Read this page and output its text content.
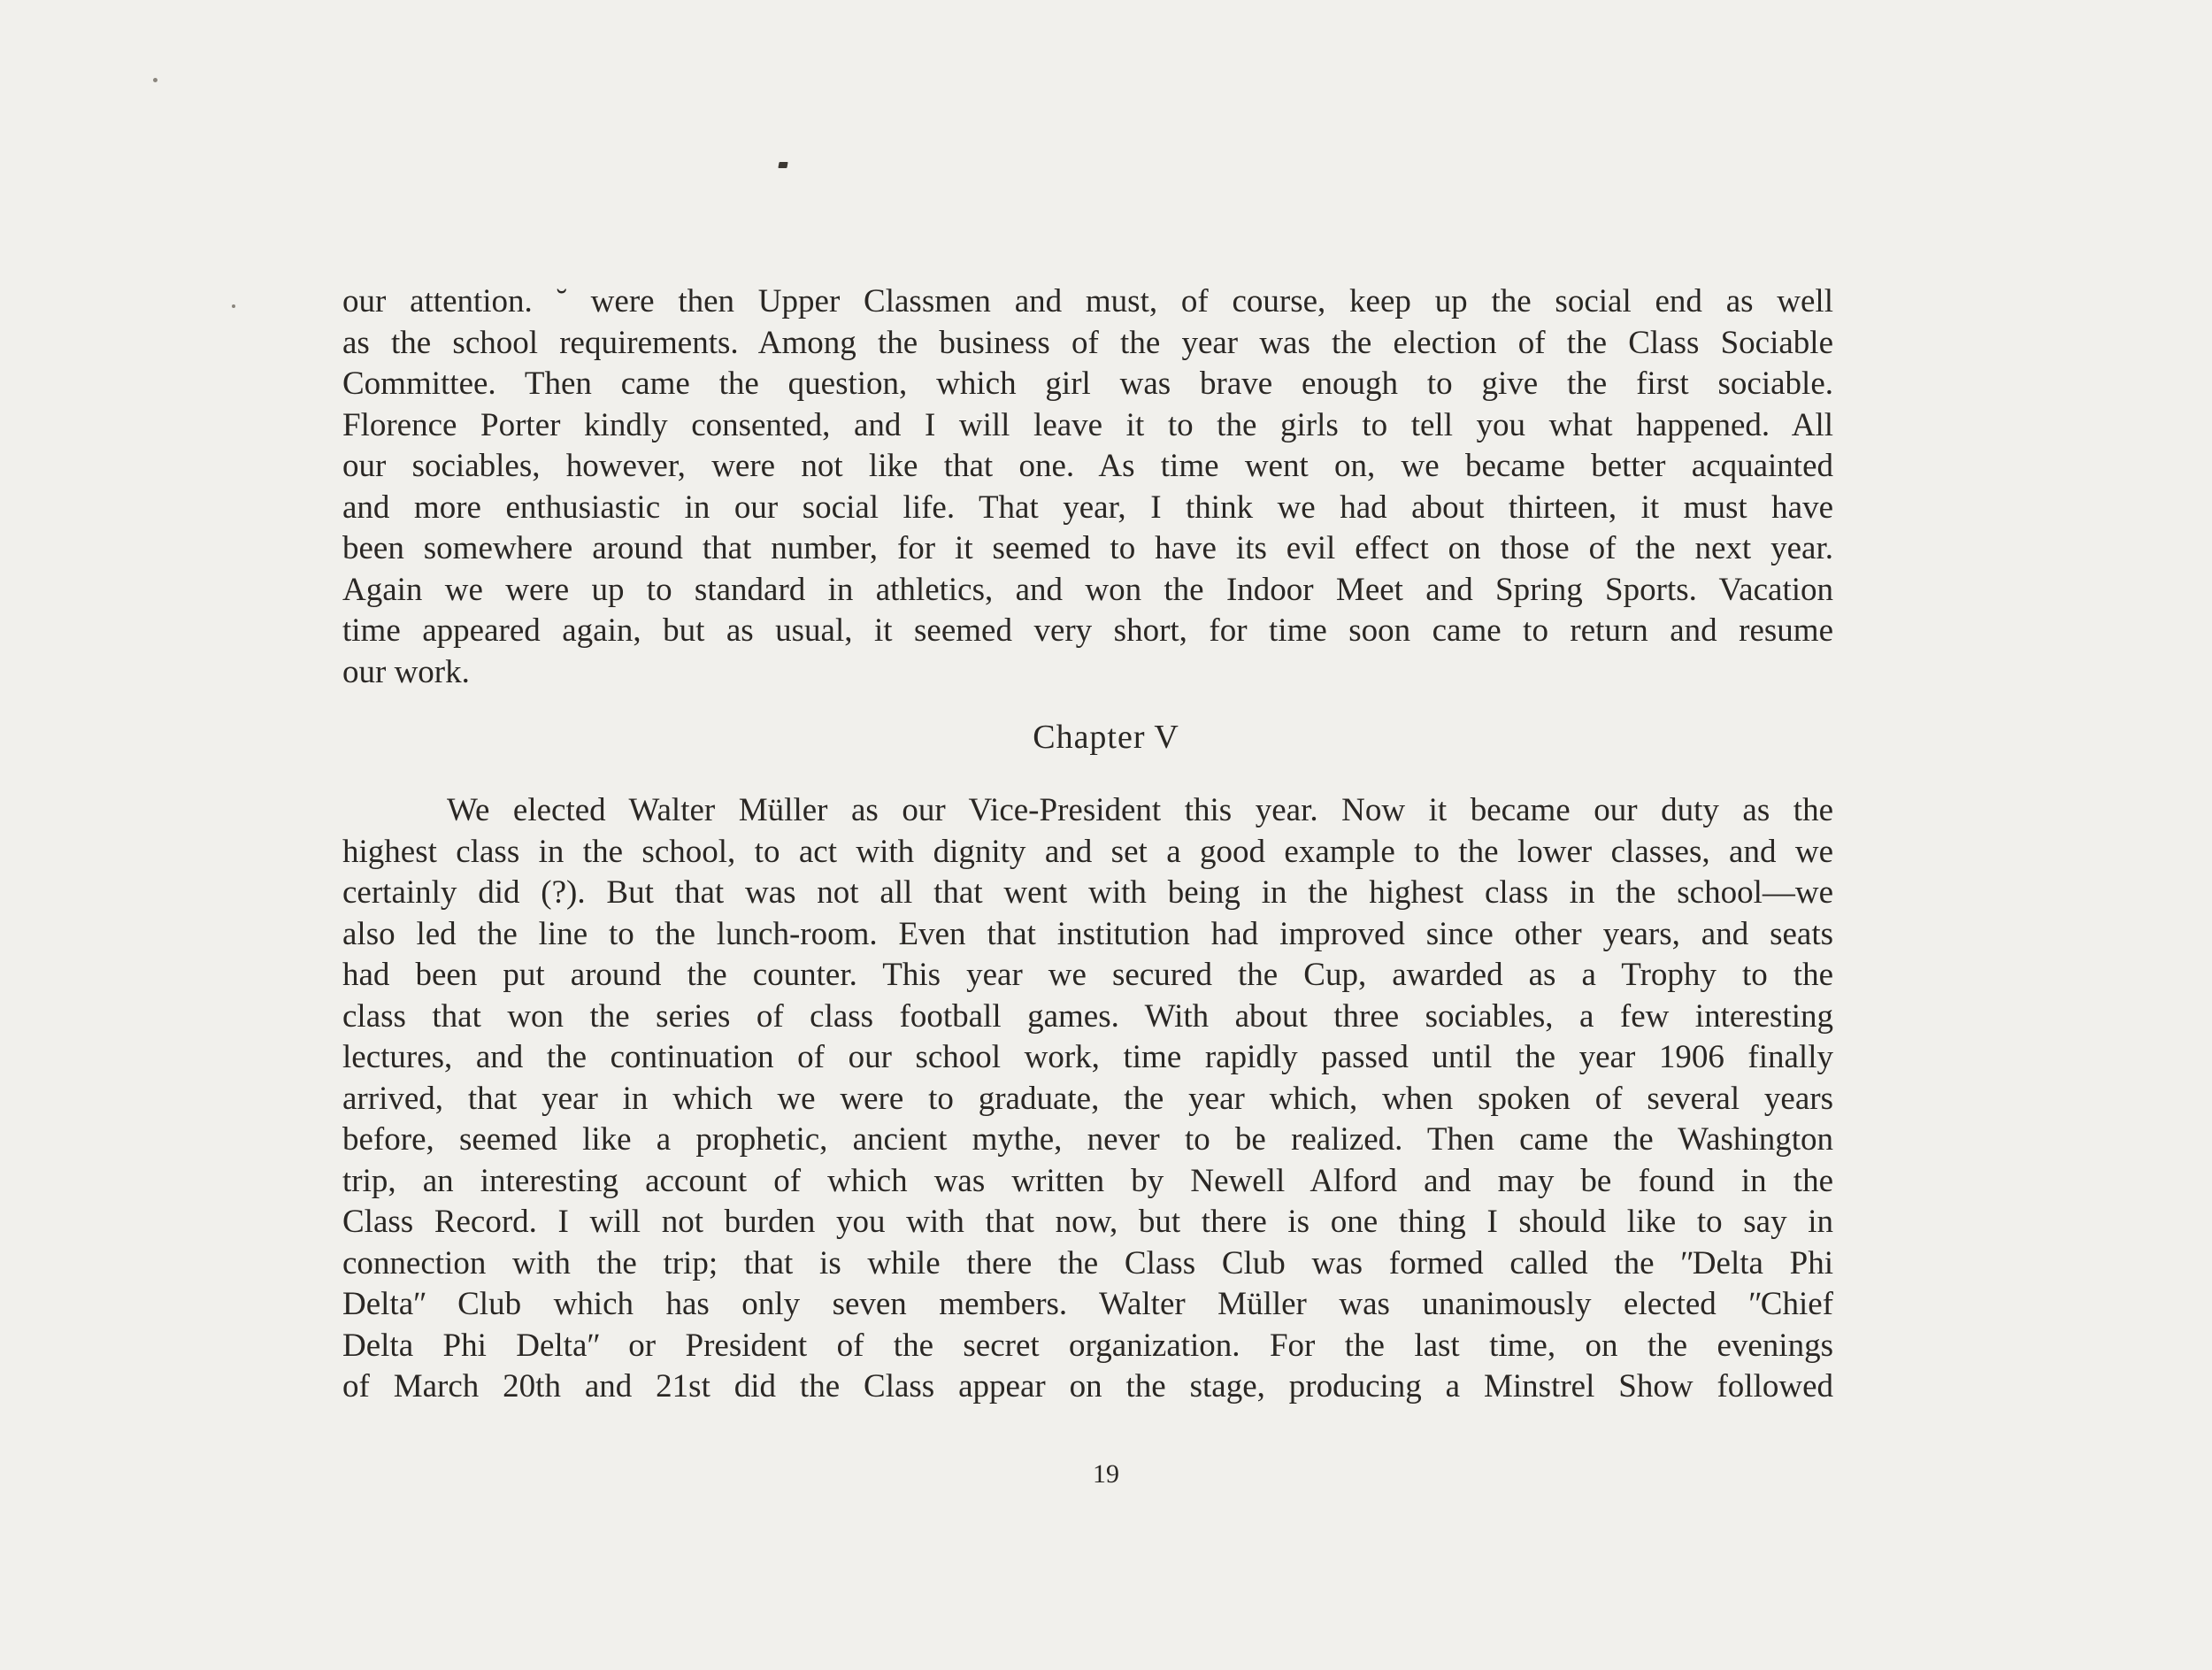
our attention. ˘ were then Upper Classmen and must, of course, keep up the social end as well
as the school requirements. Among the business of the year was the election of the Class Sociable
Committee. Then came the question, which girl was brave enough to give the first sociable.
Florence Porter kindly consented, and I will leave it to the girls to tell you what happened. All
our sociables, however, were not like that one. As time went on, we became better acquainted
and more enthusiastic in our social life. That year, I think we had about thirteen, it must have
been somewhere around that number, for it seemed to have its evil effect on those of the next year.
Again we were up to standard in athletics, and won the Indoor Meet and Spring Sports. Vacation
time appeared again, but as usual, it seemed very short, for time soon came to return and resume
our work.
Chapter V
We elected Walter Müller as our Vice-President this year. Now it became our duty as the
highest class in the school, to act with dignity and set a good example to the lower classes, and we
certainly did (?). But that was not all that went with being in the highest class in the school—we
also led the line to the lunch-room. Even that institution had improved since other years, and seats
had been put around the counter. This year we secured the Cup, awarded as a Trophy to the
class that won the series of class football games. With about three sociables, a few interesting
lectures, and the continuation of our school work, time rapidly passed until the year 1906 finally
arrived, that year in which we were to graduate, the year which, when spoken of several years
before, seemed like a prophetic, ancient mythe, never to be realized. Then came the Washington
trip, an interesting account of which was written by Newell Alford and may be found in the
Class Record. I will not burden you with that now, but there is one thing I should like to say in
connection with the trip; that is while there the Class Club was formed called the ʺDelta Phi
Deltaʺ Club which has only seven members. Walter Müller was unanimously elected ʺChief
Delta Phi Deltaʺ or President of the secret organization. For the last time, on the evenings
of March 20th and 21st did the Class appear on the stage, producing a Minstrel Show followed
19
